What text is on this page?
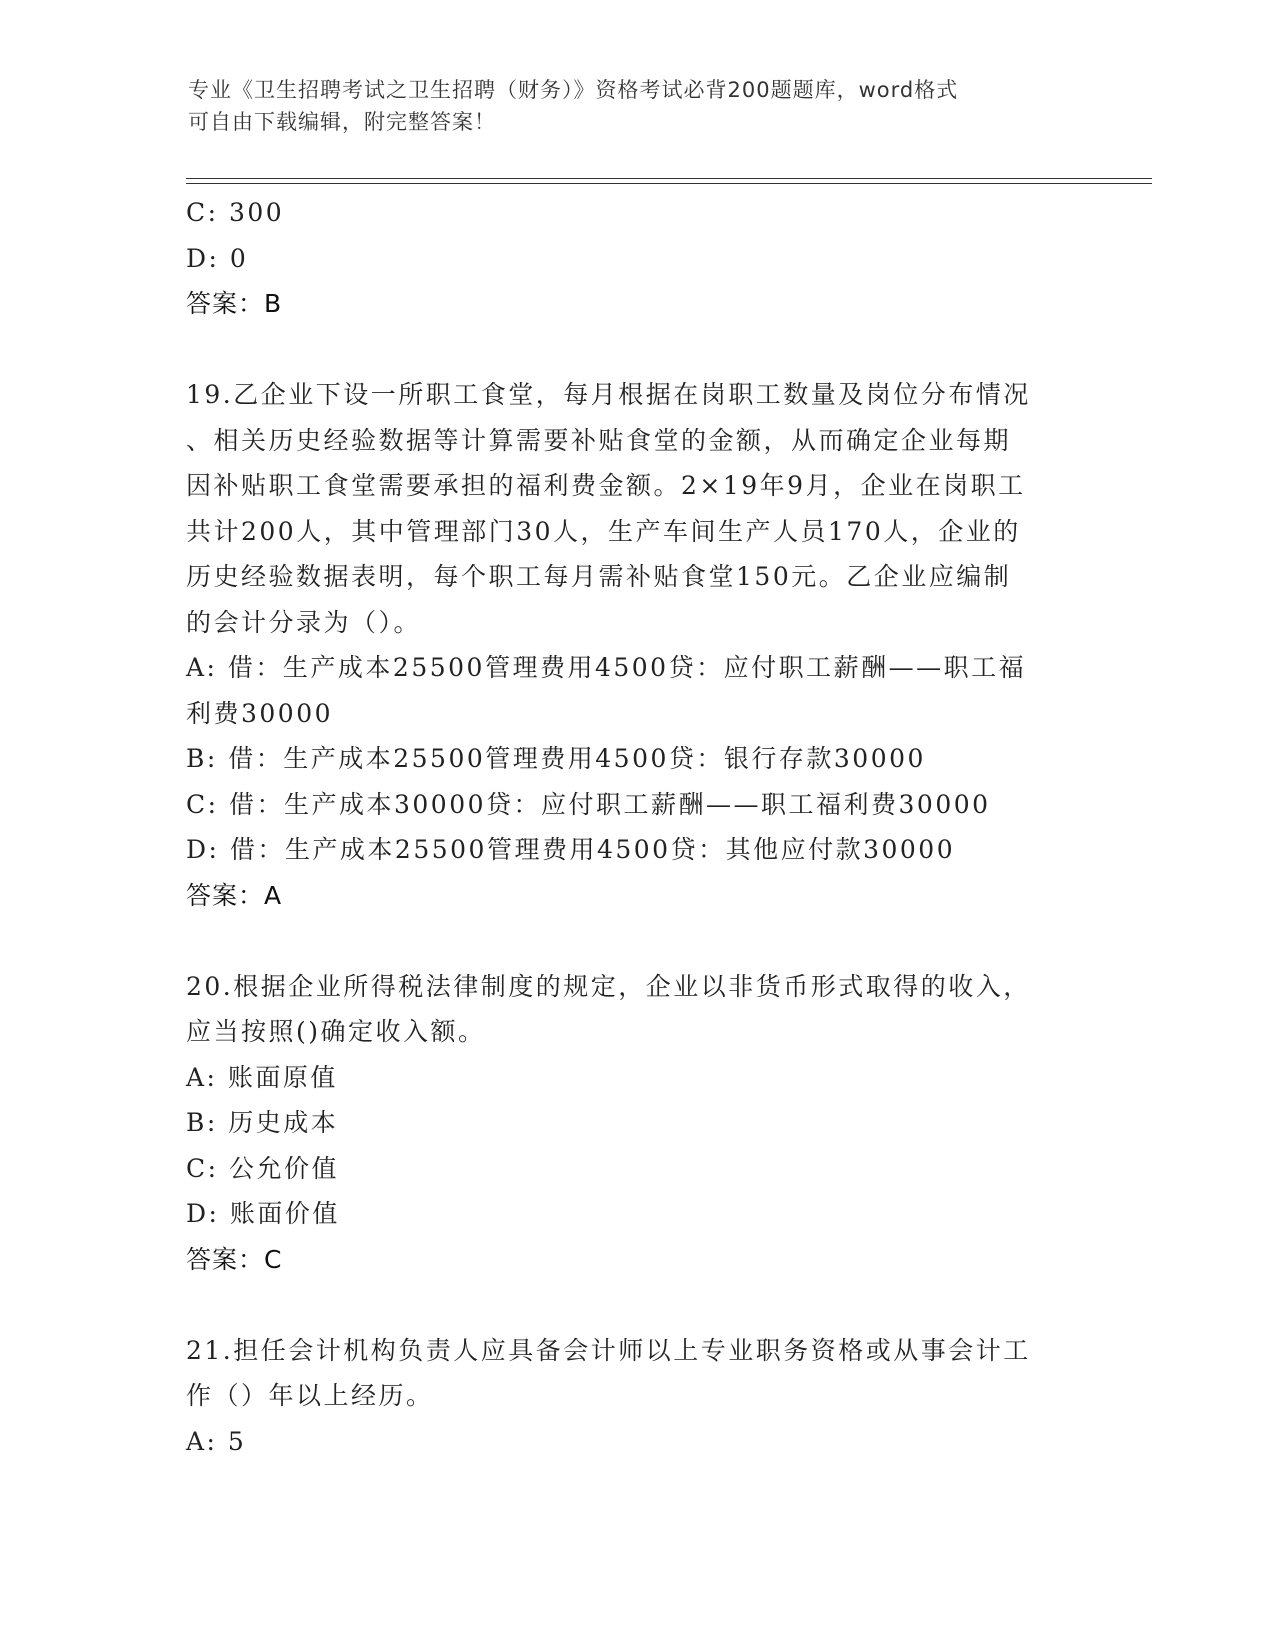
专业《卫生招聘考试之卫生招聘（财务）》资格考试必背200题题库，word格式
可自由下载编辑，附完整答案！
C: 300
D: 0
答案：B
19.乙企业下设一所职工食堂，每月根据在岗职工数量及岗位分布情况
、相关历史经验数据等计算需要补贴食堂的金额，从而确定企业每期
因补贴职工食堂需要承担的福利费金额。2×19年9月，企业在岗职工
共计200人，其中管理部门30人，生产车间生产人员170人，企业的
历史经验数据表明，每个职工每月需补贴食堂150元。乙企业应编制
的会计分录为（）。
A: 借：生产成本25500管理费用4500贷：应付职工薪酬——职工福
利费30000
B: 借：生产成本25500管理费用4500贷：银行存款30000
C: 借：生产成本30000贷：应付职工薪酬——职工福利费30000
D: 借：生产成本25500管理费用4500贷：其他应付款30000
答案：A
20.根据企业所得税法律制度的规定，企业以非货币形式取得的收入，
应当按照()确定收入额。
A: 账面原值
B: 历史成本
C: 公允价值
D: 账面价值
答案：C
21.担任会计机构负责人应具备会计师以上专业职务资格或从事会计工
作（）年以上经历。
A: 5
